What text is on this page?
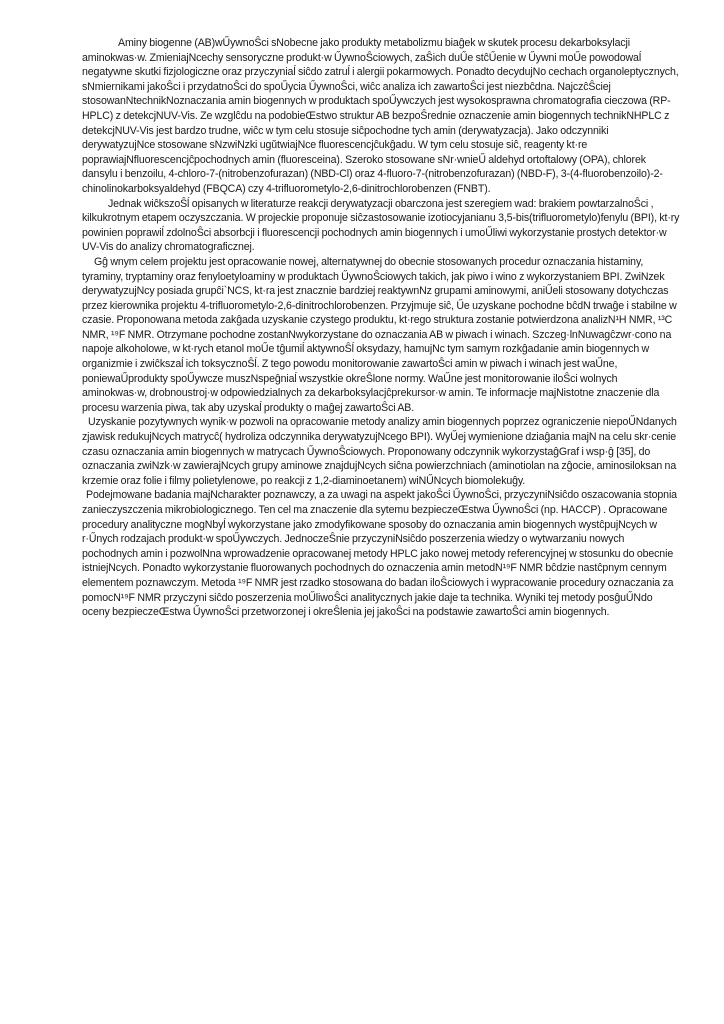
Aminy biogenne (AB)wŰywnoŜci sNobecne jako produkty metabolizmu biaĝek w skutek procesu dekarboksylacji aminokwas·w. ZmieniajNcechy sensoryczne produkt·w ŰywnoŜciowych, zaŜich duŰe stĉŰenie w Űywni moŰe powodowaĺ negatywne skutki fizjologiczne oraz przyczyniaĺ siĉdo zatruĺ i alergii pokarmowych. Ponadto decydujNo cechach organoleptycznych, sNmiernikami jakoŜci i przydatnoŜci do spoŰycia ŰywnoŜci, wiĉc analiza ich zawartoŜci jest niezbĉdna. NajczĉŜciej stosowanNtechnikNoznaczania amin biogennych w produktach spoŰywczych jest wysokosprawna chromatografia cieczowa (RP-HPLC) z detekcjNUV-Vis. Ze wzglĉdu na podobieŒstwo struktur AB bezpoŜrednie oznaczenie amin biogennych technikNHPLC z detekcjNUV-Vis jest bardzo trudne, wiĉc w tym celu stosuje siĉpochodne tych amin (derywatyzacja). Jako odczynniki derywatyzujNce stosowane sNzwiNzki ugŭtwiajNce fluorescencjĉukĝadu. W tym celu stosuje siĉ, reagenty kt·re poprawiajNfluorescencjĉpochodnych amin (fluoresceina). Szeroko stosowane sNr·wnieŰ aldehyd ortoftalowy (OPA), chlorek dansylu i benzoilu, 4-chloro-7-(nitrobenzofurazan) (NBD-Cl) oraz 4-fluoro-7-(nitrobenzofurazan) (NBD-F), 3-(4-fluorobenzoilo)-2-chinolinokarboksyaldehyd (FBQCA) czy 4-trifluorometylo-2,6-dinitrochlorobenzen (FNBT).

Jednak wiĉkszoŜĺ opisanych w literaturze reakcji derywatyzacji obarczona jest szeregiem wad: brakiem powtarzalnoŜci , kilkukrotnym etapem oczyszczania. W projeckie proponuje siĉzastosowanie izotiocyjanianu 3,5-bis(trifluorometylo)fenylu (BPI), kt·ry powinien poprawiĺ zdolnoŜci absorbcji i fluorescencji pochodnych amin biogennych i umoŰliwi wykorzystanie prostych detektor·w UV-Vis do analizy chromatograficznej.

Gĝ wnym celem projektu jest opracowanie nowej, alternatywnej do obecnie stosowanych procedur oznaczania histaminy, tyraminy, tryptaminy oraz fenyloetyloaminy w produktach ŰywnoŜciowych takich, jak piwo i wino z wykorzystaniem BPI. ZwiNzek derywatyzujNcy posiada grupĉi`NCS, kt·ra jest znacznie bardziej reaktywnNz grupami aminowymi, aniŰeli stosowany dotychczas przez kierownika projektu 4-trifluorometylo-2,6-dinitrochlorobenzen. Przyjmuje siĉ, Űe uzyskane pochodne bĉdN trwaĝe i stabilne w czasie. Proponowana metoda zakĝada uzyskanie czystego produktu, kt·rego struktura zostanie potwierdzona analizN¹H NMR, ¹³C NMR, ¹⁹F NMR. Otrzymane pochodne zostanNwykorzystane do oznaczania AB w piwach i winach. Szczeg·lnNuwagĉzwr·cono na napoje alkoholowe, w kt·rych etanol moŰe tĝumiĺ aktywnoŜĺ oksydazy, hamujNc tym samym rozkĝadanie amin biogennych w organizmie i zwiĉkszaĺ ich toksycznoŜĺ. Z tego powodu monitorowanie zawartoŜci amin w piwach i winach jest waŰne, poniewaŰprodukty spoŰywcze muszNspeĝniaĺ wszystkie okreŜlone normy. WaŰne jest monitorowanie iloŜci wolnych aminokwas·w, drobnoustroj·w odpowiedzialnych za dekarboksylacjĉprekursor·w amin. Te informacje majNistotne znaczenie dla procesu warzenia piwa, tak aby uzyskaĺ produkty o maĝej zawartoŜci AB.

Uzyskanie pozytywnych wynik·w pozwoli na opracowanie metody analizy amin biogennych poprzez ograniczenie niepoŰNdanych zjawisk redukujNcych matrycĉ( hydroliza odczynnika derywatyzujNcego BPI). WyŰej wymienione dziaĝania majN na celu skr·cenie czasu oznaczania amin biogennych w matrycach ŰywnoŜciowych. Proponowany odczynnik wykorzystaĝGraf i wsp·ĝ [35], do oznaczania zwiNzk·w zawierajNcych grupy aminowe znajdujNcych siĉna powierzchniach (aminotiolan na zĝocie, aminosiloksan na krzemie oraz folie i filmy polietylenowe, po reakcji z 1,2-diaminoetanem) wiNŰNcych biomolekuĝy.

Podejmowane badania majNcharakter poznawczy, a za uwagi na aspekt jakoŜci ŰywnoŜci, przyczyniNsiĉdo oszacowania stopnia zanieczyszczenia mikrobiologicznego. Ten cel ma znaczenie dla sytemu bezpieczeŒstwa ŰywnoŜci (np. HACCP) . Opracowane procedury analityczne mogNbyĺ wykorzystane jako zmodyfikowane sposoby do oznaczania amin biogennych wystĉpujNcych w r·Űnych rodzajach produkt·w spoŰywczych. JednoczeŜnie przyczyniNsiĉdo poszerzenia wiedzy o wytwarzaniu nowych pochodnych amin i pozwolNna wprowadzenie opracowanej metody HPLC jako nowej metody referencyjnej w stosunku do obecnie istniejNcych. Ponadto wykorzystanie fluorowanych pochodnych do oznaczenia amin metodN¹⁹F NMR bĉdzie nastĉpnym cennym elementem poznawczym. Metoda ¹⁹F NMR jest rzadko stosowana do badan iloŜciowych i wypracowanie procedury oznaczania za pomocN¹⁹F NMR przyczyni siĉdo poszerzenia moŰliwoŜci analitycznych jakie daje ta technika. Wyniki tej metody posĝuŰNdo oceny bezpieczeŒstwa ŰywnoŜci przetworzonej i okreŜlenia jej jakoŜci na podstawie zawartoŜci amin biogennych.
